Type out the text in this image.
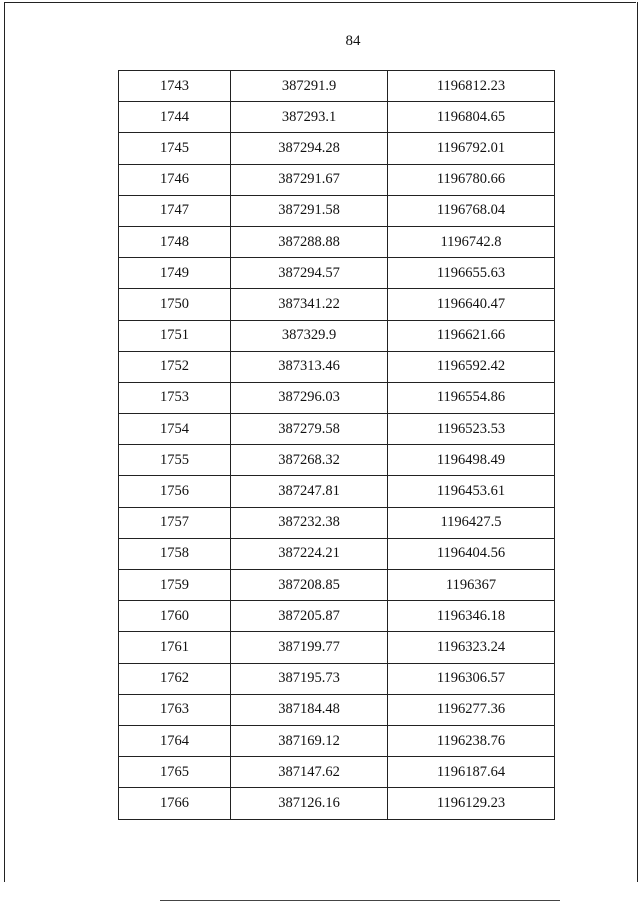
84
1743	387291.9	1196812.23
1744	387293.1	1196804.65
1745	387294.28	1196792.01
1746	387291.67	1196780.66
1747	387291.58	1196768.04
1748	387288.88	1196742.8
1749	387294.57	1196655.63
1750	387341.22	1196640.47
1751	387329.9	1196621.66
1752	387313.46	1196592.42
1753	387296.03	1196554.86
1754	387279.58	1196523.53
1755	387268.32	1196498.49
1756	387247.81	1196453.61
1757	387232.38	1196427.5
1758	387224.21	1196404.56
1759	387208.85	1196367
1760	387205.87	1196346.18
1761	387199.77	1196323.24
1762	387195.73	1196306.57
1763	387184.48	1196277.36
1764	387169.12	1196238.76
1765	387147.62	1196187.64
1766	387126.16	1196129.23
